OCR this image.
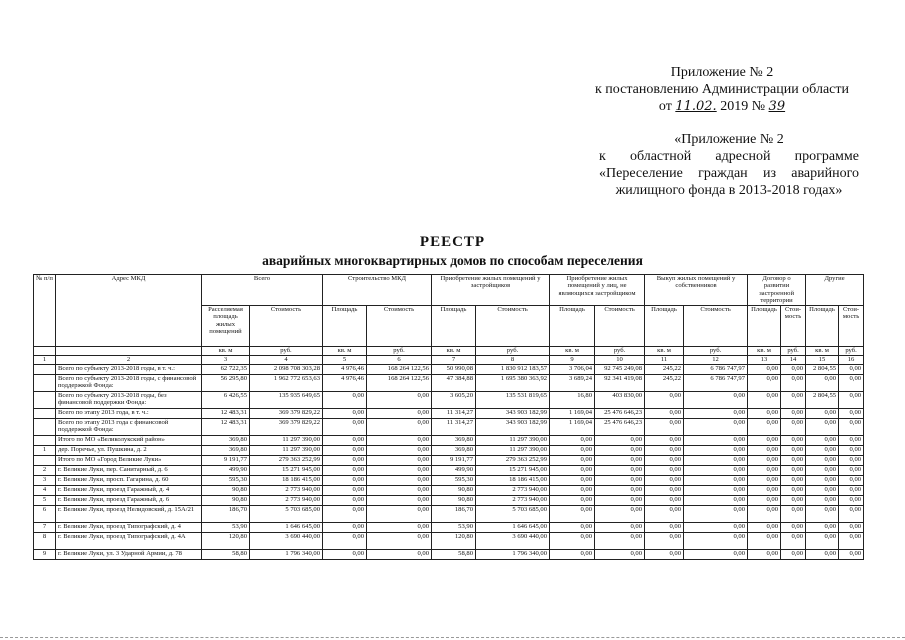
Приложение № 2
к постановлению Администрации области
от 11.02. 2019 № 39
«Приложение № 2
к областной адресной программе
«Переселение граждан из аварийного
жилищного фонда в 2013-2018 годах»
РЕЕСТР
аварийных многоквартирных домов по способам переселения
№ п/п	Адрес МКД	Всего		Строительство МКД		Приобретение жилых помещений у застройщиков		Приобретение жилых помещений у лиц, не являющихся застройщиком		Выкуп жилых помещений у собственников		Договор о развитии застроенной территории		Другие	
		Расселяемая площадь жилых помещений	Стоимость	Площадь	Стоимость	Площадь	Стоимость	Площадь	Стоимость	Площадь	Стоимость	Площадь	Стои-мость	Площадь	Стои-мость
		кв. м	руб.	кв. м	руб.	кв. м	руб.	кв. м	руб.	кв. м	руб.	кв. м	руб.	кв. м	руб.
1	2	3	4	5	6	7	8	9	10	11	12	13	14	15	16
	Всего по субъекту 2013-2018 годы, в т. ч.:	62 722,35	2 098 708 303,28	4 976,46	168 264 122,56	50 990,08	1 830 912 183,57	3 706,04	92 745 249,08	245,22	6 786 747,97	0,00	0,00	2 804,55	0,00
	Всего по субъекту 2013-2018 годы, с финансовой поддержкой Фонда:	56 295,80	1 962 772 653,63	4 976,46	168 264 122,56	47 384,88	1 695 380 363,92	3 689,24	92 341 419,08	245,22	6 786 747,97	0,00	0,00	0,00	0,00
	Всего по субъекту 2013-2018 годы, без финансовой поддержки Фонда:	6 426,55	135 935 649,65	0,00	0,00	3 605,20	135 531 819,65	16,80	403 830,00	0,00	0,00	0,00	0,00	2 804,55	0,00
	Всего по этапу 2013 года, в т. ч.:	12 483,31	369 379 829,22	0,00	0,00	11 314,27	343 903 182,99	1 169,04	25 476 646,23	0,00	0,00	0,00	0,00	0,00	0,00
	Всего по этапу 2013 года с финансовой поддержкой Фонда:	12 483,31	369 379 829,22	0,00	0,00	11 314,27	343 903 182,99	1 169,04	25 476 646,23	0,00	0,00	0,00	0,00	0,00	0,00
	Итого по МО «Великолукский район»	369,80	11 297 390,00	0,00	0,00	369,80	11 297 390,00	0,00	0,00	0,00	0,00	0,00	0,00	0,00	0,00
1	дер. Поречье, ул. Пушкина, д. 2	369,80	11 297 390,00	0,00	0,00	369,80	11 297 390,00	0,00	0,00	0,00	0,00	0,00	0,00	0,00	0,00
	Итого по МО «Город Великие Луки»	9 191,77	279 363 252,99	0,00	0,00	9 191,77	279 363 252,99	0,00	0,00	0,00	0,00	0,00	0,00	0,00	0,00
2	г. Великие Луки, пер. Санитарный, д. 6	499,90	15 271 945,00	0,00	0,00	499,90	15 271 945,00	0,00	0,00	0,00	0,00	0,00	0,00	0,00	0,00
3	г. Великие Луки, просп. Гагарина, д. 60	595,30	18 186 415,00	0,00	0,00	595,30	18 186 415,00	0,00	0,00	0,00	0,00	0,00	0,00	0,00	0,00
4	г. Великие Луки, проезд Гаражный, д. 4	90,80	2 773 940,00	0,00	0,00	90,80	2 773 940,00	0,00	0,00	0,00	0,00	0,00	0,00	0,00	0,00
5	г. Великие Луки, проезд Гаражный, д. 6	90,80	2 773 940,00	0,00	0,00	90,80	2 773 940,00	0,00	0,00	0,00	0,00	0,00	0,00	0,00	0,00
6	г. Великие Луки, проезд Нелидовский, д. 15А/21	186,70	5 703 685,00	0,00	0,00	186,70	5 703 685,00	0,00	0,00	0,00	0,00	0,00	0,00	0,00	0,00
7	г. Великие Луки, проезд Типографский, д. 4	53,90	1 646 645,00	0,00	0,00	53,90	1 646 645,00	0,00	0,00	0,00	0,00	0,00	0,00	0,00	0,00
8	г. Великие Луки, проезд Типографский, д. 4А	120,80	3 690 440,00	0,00	0,00	120,80	3 690 440,00	0,00	0,00	0,00	0,00	0,00	0,00	0,00	0,00
9	г. Великие Луки, ул. 3 Ударной Армии, д. 78	58,80	1 796 340,00	0,00	0,00	58,80	1 796 340,00	0,00	0,00	0,00	0,00	0,00	0,00	0,00	0,00
